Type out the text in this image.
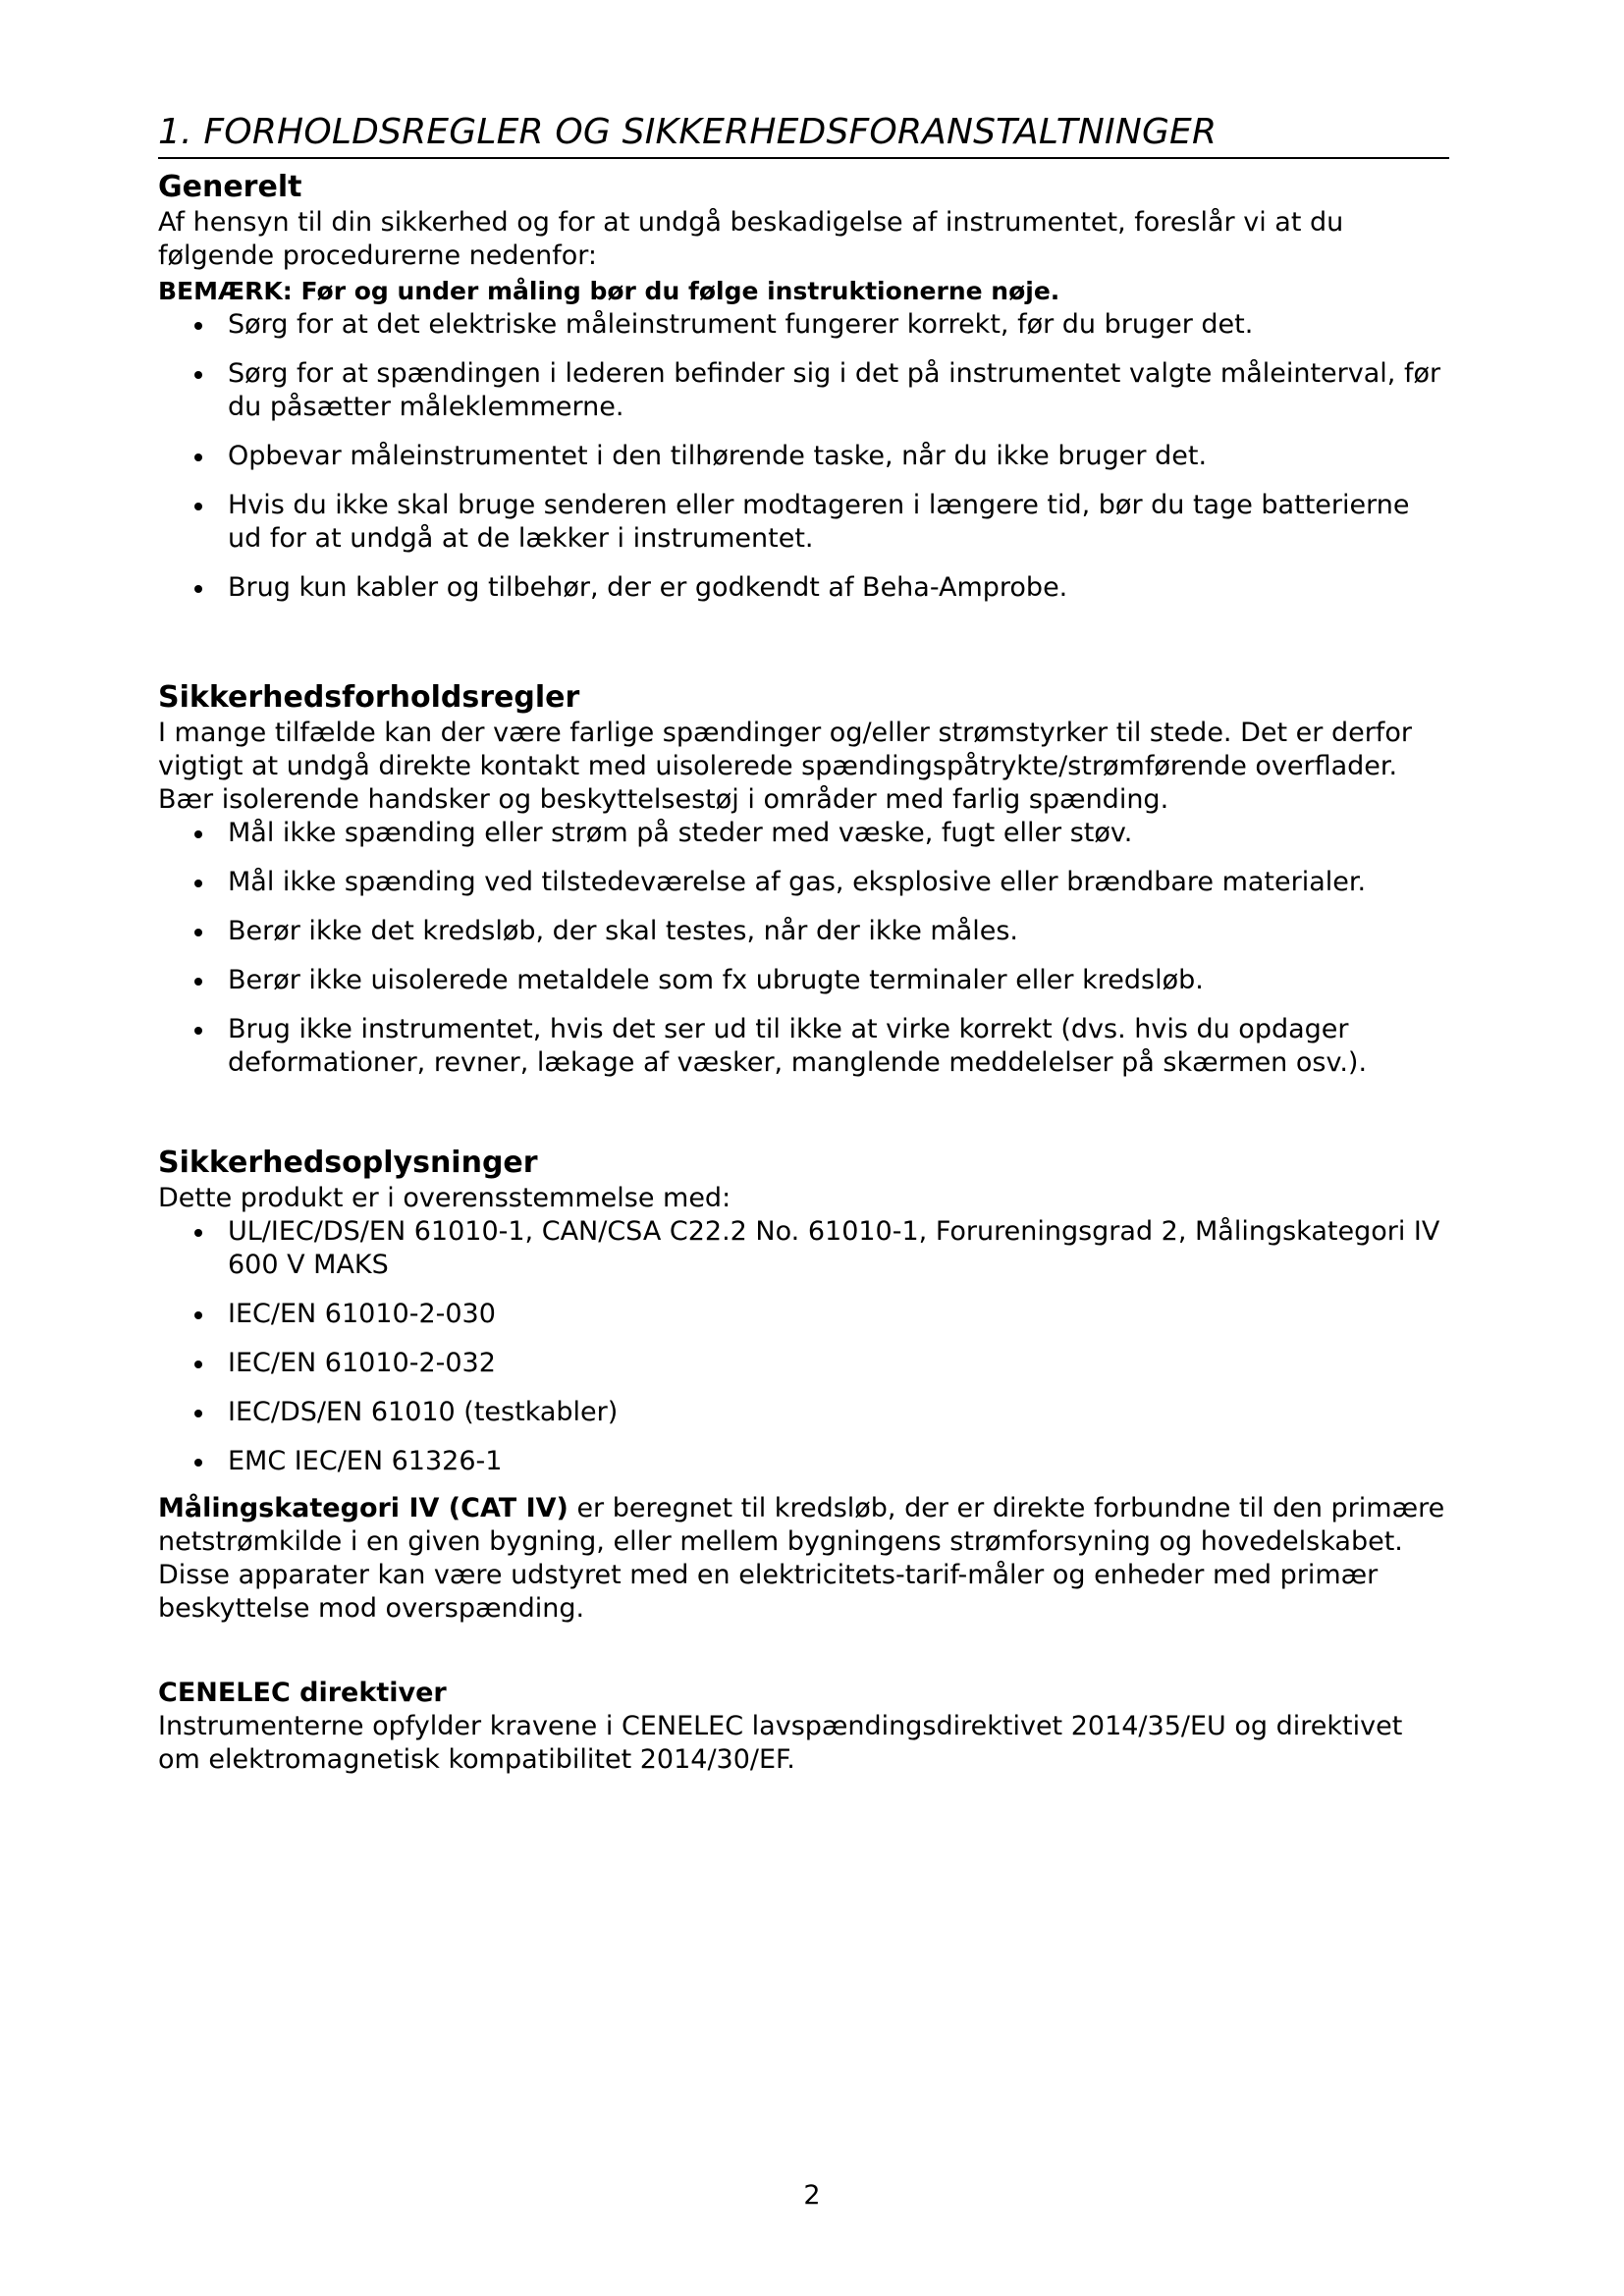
1. FORHOLDSREGLER OG SIKKERHEDSFORANSTALTNINGER
Generelt

Af hensyn til din sikkerhed og for at undgå beskadigelse af instrumentet, foreslår vi at du følgende procedurerne nedenfor:

BEMÆRK: Før og under måling bør du følge instruktionerne nøje.

Sørg for at det elektriske måleinstrument fungerer korrekt, før du bruger det.
Sørg for at spændingen i lederen befinder sig i det på instrumentet valgte måleinterval, før du påsætter måleklemmerne.
Opbevar måleinstrumentet i den tilhørende taske, når du ikke bruger det.
Hvis du ikke skal bruge senderen eller modtageren i længere tid, bør du tage batterierne ud for at undgå at de lækker i instrumentet.
Brug kun kabler og tilbehør, der er godkendt af Beha-Amprobe.
Sikkerhedsforholdsregler

I mange tilfælde kan der være farlige spændinger og/eller strømstyrker til stede. Det er derfor vigtigt at undgå direkte kontakt med uisolerede spændingspåtrykte/strømførende overflader. Bær isolerende handsker og beskyttelsestøj i områder med farlig spænding.

Mål ikke spænding eller strøm på steder med væske, fugt eller støv.
Mål ikke spænding ved tilstedeværelse af gas, eksplosive eller brændbare materialer.
Berør ikke det kredsløb, der skal testes, når der ikke måles.
Berør ikke uisolerede metaldele som fx ubrugte terminaler eller kredsløb.
Brug ikke instrumentet, hvis det ser ud til ikke at virke korrekt (dvs. hvis du opdager deformationer, revner, lækage af væsker, manglende meddelelser på skærmen osv.).
Sikkerhedsoplysninger

Dette produkt er i overensstemmelse med:

UL/IEC/DS/EN 61010-1, CAN/CSA C22.2 No. 61010-1, Forureningsgrad 2, Målingskategori IV 600 V MAKS
IEC/EN 61010-2-030
IEC/EN 61010-2-032
IEC/DS/EN 61010 (testkabler)
EMC IEC/EN 61326-1

Målingskategori IV (CAT IV) er beregnet til kredsløb, der er direkte forbundne til den primære netstrømkilde i en given bygning, eller mellem bygningens strømforsyning og hovedelskabet. Disse apparater kan være udstyret med en elektricitets-tarif-måler og enheder med primær beskyttelse mod overspænding.

CENELEC direktiver

Instrumenterne opfylder kravene i CENELEC lavspændingsdirektivet 2014/35/EU og direktivet om elektromagnetisk kompatibilitet 2014/30/EF.

2
